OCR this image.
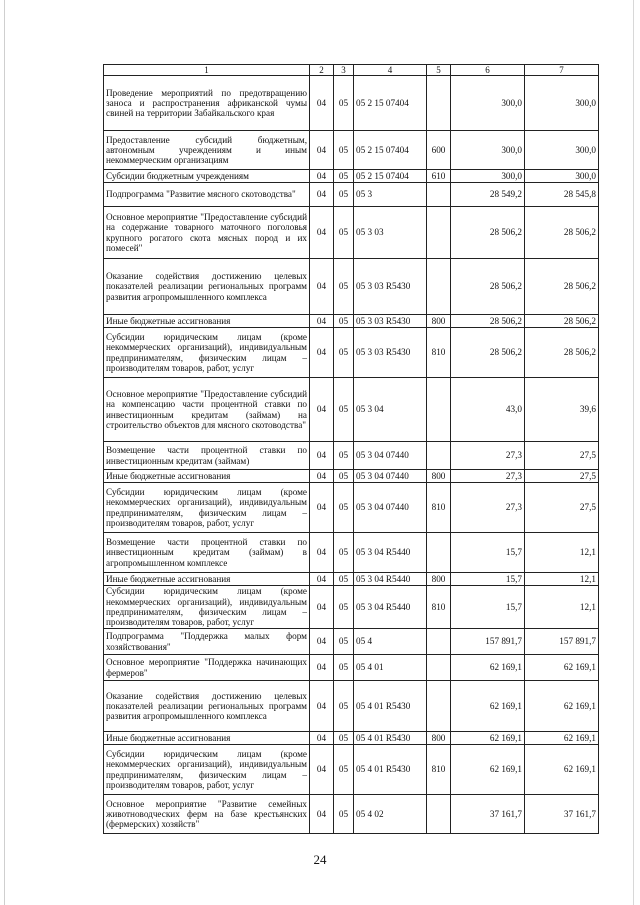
1	2	3	4	5	6	7
Проведение мероприятий по предотвращению заноса и распространения африканской чумы свиней на территории Забайкальского края	04	05	05 2 15 07404		300,0	300,0
Предоставление субсидий бюджетным, автономным учреждениям и иным некоммерческим организациям	04	05	05 2 15 07404	600	300,0	300,0
Субсидии бюджетным учреждениям	04	05	05 2 15 07404	610	300,0	300,0
Подпрограмма "Развитие мясного скотоводства"	04	05	05 3		28 549,2	28 545,8
Основное мероприятие "Предоставление субсидий на содержание товарного маточного поголовья крупного рогатого скота мясных пород и их помесей"	04	05	05 3 03		28 506,2	28 506,2
Оказание содействия достижению целевых показателей реализации региональных программ развития агропромышленного комплекса	04	05	05 3 03 R5430		28 506,2	28 506,2
Иные бюджетные ассигнования	04	05	05 3 03 R5430	800	28 506,2	28 506,2
Субсидии юридическим лицам (кроме некоммерческих организаций), индивидуальным предпринимателям, физическим лицам – производителям товаров, работ, услуг	04	05	05 3 03 R5430	810	28 506,2	28 506,2
Основное мероприятие "Предоставление субсидий на компенсацию части процентной ставки по инвестиционным кредитам (займам) на строительство объектов для мясного скотоводства"	04	05	05 3 04		43,0	39,6
Возмещение части процентной ставки по инвестиционным кредитам (займам)	04	05	05 3 04 07440		27,3	27,5
Иные бюджетные ассигнования	04	05	05 3 04 07440	800	27,3	27,5
Субсидии юридическим лицам (кроме некоммерческих организаций), индивидуальным предпринимателям, физическим лицам – производителям товаров, работ, услуг	04	05	05 3 04 07440	810	27,3	27,5
Возмещение части процентной ставки по инвестиционным кредитам (займам) в агропромышленном комплексе	04	05	05 3 04 R5440		15,7	12,1
Иные бюджетные ассигнования	04	05	05 3 04 R5440	800	15,7	12,1
Субсидии юридическим лицам (кроме некоммерческих организаций), индивидуальным предпринимателям, физическим лицам – производителям товаров, работ, услуг	04	05	05 3 04 R5440	810	15,7	12,1
Подпрограмма "Поддержка малых форм хозяйствования"	04	05	05 4		157 891,7	157 891,7
Основное мероприятие "Поддержка начинающих фермеров"	04	05	05 4 01		62 169,1	62 169,1
Оказание содействия достижению целевых показателей реализации региональных программ развития агропромышленного комплекса	04	05	05 4 01 R5430		62 169,1	62 169,1
Иные бюджетные ассигнования	04	05	05 4 01 R5430	800	62 169,1	62 169,1
Субсидии юридическим лицам (кроме некоммерческих организаций), индивидуальным предпринимателям, физическим лицам – производителям товаров, работ, услуг	04	05	05 4 01 R5430	810	62 169,1	62 169,1
Основное мероприятие "Развитие семейных животноводческих ферм на базе крестьянских (фермерских) хозяйств"	04	05	05 4 02		37 161,7	37 161,7
24
